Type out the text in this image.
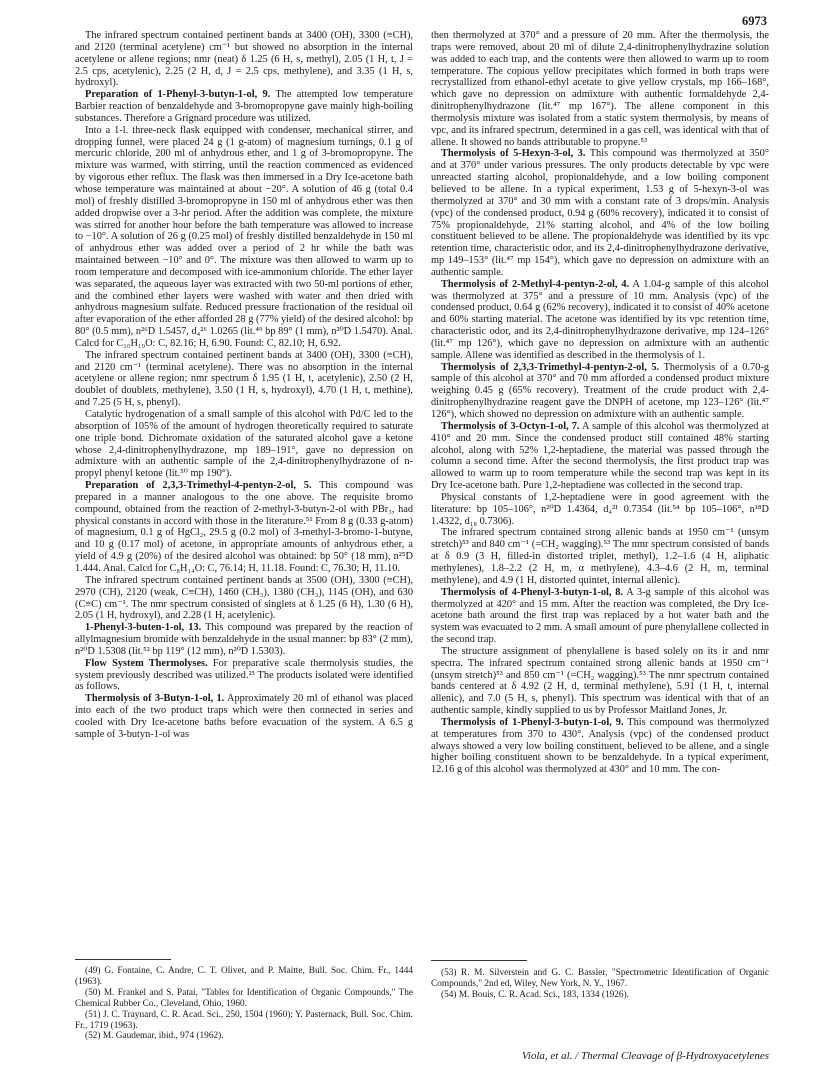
6973

The infrared spectrum contained pertinent bands at 3400 (OH), 3300 (≡CH), and 2120 (terminal acetylene) cm⁻¹ but showed no absorption in the internal acetylene or allene regions; nmr (neat) δ 1.25 (6 H, s, methyl), 2.05 (1 H, t, J = 2.5 cps, acetylenic), 2.25 (2 H, d, J = 2.5 cps, methylene), and 3.35 (1 H, s, hydroxyl).

Preparation of 1-Phenyl-3-butyn-1-ol, 9. The attempted low temperature Barbier reaction of benzaldehyde and 3-bromopropyne gave mainly high-boiling substances. Therefore a Grignard procedure was utilized.

Into a 1-l. three-neck flask equipped with condenser, mechanical stirrer, and dropping funnel, were placed 24 g (1 g-atom) of magnesium turnings, 0.1 g of mercuric chloride, 200 ml of anhydrous ether, and 1 g of 3-bromopropyne. The mixture was warmed, with stirring, until the reaction commenced as evidenced by vigorous ether reflux. The flask was then immersed in a Dry Ice-acetone bath whose temperature was maintained at about −20°. A solution of 46 g (total 0.4 mol) of freshly distilled 3-bromopropyne in 150 ml of anhydrous ether was then added dropwise over a 3-hr period. After the addition was complete, the mixture was stirred for another hour before the bath temperature was allowed to increase to −10°. A solution of 26 g (0.25 mol) of freshly distilled benzaldehyde in 150 ml of anhydrous ether was added over a period of 2 hr while the bath was maintained between −10° and 0°. The mixture was then allowed to warm up to room temperature and decomposed with ice-ammonium chloride. The ether layer was separated, the aqueous layer was extracted with two 50-ml portions of ether, and the combined ether layers were washed with water and then dried with anhydrous magnesium sulfate. Reduced pressure fractionation of the residual oil after evaporation of the ether afforded 28 g (77% yield) of the desired alcohol: bp 80° (0.5 mm), n²⁶D 1.5457, d₄²⁶ 1.0265 (lit.⁴⁹ bp 89° (1 mm), n²⁰D 1.5470). Anal. Calcd for C₁₀H₁₀O: C, 82.16; H, 6.90. Found: C, 82.10; H, 6.92.

The infrared spectrum contained pertinent bands at 3400 (OH), 3300 (≡CH), and 2120 cm⁻¹ (terminal acetylene). There was no absorption in the internal acetylene or allene region; nmr spectrum δ 1.95 (1 H, t, acetylenic), 2.50 (2 H, doublet of doublets, methylene), 3.50 (1 H, s, hydroxyl), 4.70 (1 H, t, methine), and 7.25 (5 H, s, phenyl).

Catalytic hydrogenation of a small sample of this alcohol with Pd/C led to the absorption of 105% of the amount of hydrogen theoretically required to saturate one triple bond. Dichromate oxidation of the saturated alcohol gave a ketone whose 2,4-dinitrophenylhydrazone, mp 189–191°, gave no depression on admixture with an authentic sample of the 2,4-dinitrophenylhydrazone of n-propyl phenyl ketone (lit.⁵⁰ mp 190°).

Preparation of 2,3,3-Trimethyl-4-pentyn-2-ol, 5. This compound was prepared in a manner analogous to the one above. The requisite bromo compound, obtained from the reaction of 2-methyl-3-butyn-2-ol with PBr₃, had physical constants in accord with those in the literature.⁵¹ From 8 g (0.33 g-atom) of magnesium, 0.1 g of HgCl₂, 29.5 g (0.2 mol) of 3-methyl-3-bromo-1-butyne, and 10 g (0.17 mol) of acetone, in appropriate amounts of anhydrous ether, a yield of 4.9 g (20%) of the desired alcohol was obtained: bp 50° (18 mm), n²⁵D 1.444. Anal. Calcd for C₈H₁₄O: C, 76.14; H, 11.18. Found: C, 76.30; H, 11.10.

The infrared spectrum contained pertinent bands at 3500 (OH), 3300 (≡CH), 2970 (CH), 2120 (weak, C≡CH), 1460 (CH₃), 1380 (CH₃), 1145 (OH), and 630 (C≡C) cm⁻¹. The nmr spectrum consisted of singlets at δ 1.25 (6 H), 1.30 (6 H), 2.05 (1 H, hydroxyl), and 2.28 (1 H, acetylenic).

1-Phenyl-3-buten-1-ol, 13. This compound was prepared by the reaction of allylmagnesium bromide with benzaldehyde in the usual manner: bp 83° (2 mm), n²⁰D 1.5308 (lit.⁵² bp 119° (12 mm), n²⁰D 1.5303).

Flow System Thermolyses. For preparative scale thermolysis studies, the system previously described was utilized.²³ The products isolated were identified as follows.

Thermolysis of 3-Butyn-1-ol, 1. Approximately 20 ml of ethanol was placed into each of the two product traps which were then connected in series and cooled with Dry Ice-acetone baths before evacuation of the system. A 6.5 g sample of 3-butyn-1-ol was

then thermolyzed at 370° and a pressure of 20 mm. After the thermolysis, the traps were removed, about 20 ml of dilute 2,4-dinitrophenylhydrazine solution was added to each trap, and the contents were then allowed to warm up to room temperature. The copious yellow precipitates which formed in both traps were recrystallized from ethanol-ethyl acetate to give yellow crystals, mp 166–168°, which gave no depression on admixture with authentic formaldehyde 2,4-dinitrophenylhydrazone (lit.⁴⁷ mp 167°). The allene component in this thermolysis mixture was isolated from a static system thermolysis, by means of vpc, and its infrared spectrum, determined in a gas cell, was identical with that of allene. It showed no bands attributable to propyne.⁵³

Thermolysis of 5-Hexyn-3-ol, 3. This compound was thermolyzed at 350° and at 370° under various pressures. The only products detectable by vpc were unreacted starting alcohol, propionaldehyde, and a low boiling component believed to be allene. In a typical experiment, 1.53 g of 5-hexyn-3-ol was thermolyzed at 370° and 30 mm with a constant rate of 3 drops/min. Analysis (vpc) of the condensed product, 0.94 g (60% recovery), indicated it to consist of 75% propionaldehyde, 21% starting alcohol, and 4% of the low boiling constituent believed to be allene. The propionaldehyde was identified by its vpc retention time, characteristic odor, and its 2,4-dinitrophenylhydrazone derivative, mp 149–153° (lit.⁴⁷ mp 154°), which gave no depression on admixture with an authentic sample.

Thermolysis of 2-Methyl-4-pentyn-2-ol, 4. A 1.04-g sample of this alcohol was thermolyzed at 375° and a pressure of 10 mm. Analysis (vpc) of the condensed product, 0.64 g (62% recovery), indicated it to consist of 40% acetone and 60% starting material. The acetone was identified by its vpc retention time, characteristic odor, and its 2,4-dinitrophenylhydrazone derivative, mp 124–126° (lit.⁴⁷ mp 126°), which gave no depression on admixture with an authentic sample. Allene was identified as described in the thermolysis of 1.

Thermolysis of 2,3,3-Trimethyl-4-pentyn-2-ol, 5. Thermolysis of a 0.70-g sample of this alcohol at 370° and 70 mm afforded a condensed product mixture weighing 0.45 g (65% recovery). Treatment of the crude product with 2,4-dinitrophenylhydrazine reagent gave the DNPH of acetone, mp 123–126° (lit.⁴⁷ 126°), which showed no depression on admixture with an authentic sample.

Thermolysis of 3-Octyn-1-ol, 7. A sample of this alcohol was thermolyzed at 410° and 20 mm. Since the condensed product still contained 48% starting alcohol, along with 52% 1,2-heptadiene, the material was passed through the column a second time. After the second thermolysis, the first product trap was allowed to warm up to room temperature while the second trap was kept in its Dry Ice-acetone bath. Pure 1,2-heptadiene was collected in the second trap.

Physical constants of 1,2-heptadiene were in good agreement with the literature: bp 105–106°, n²⁰D 1.4364, d₄²¹ 0.7354 (lit.⁵⁴ bp 105–106°, n¹⁸D 1.4322, d₁₈ 0.7306).

The infrared spectrum contained strong allenic bands at 1950 cm⁻¹ (unsym stretch)⁵³ and 840 cm⁻¹ (=CH₂ wagging).⁵³ The nmr spectrum consisted of bands at δ 0.9 (3 H, filled-in distorted triplet, methyl), 1.2–1.6 (4 H, aliphatic methylenes), 1.8–2.2 (2 H, m, α methylene), 4.3–4.6 (2 H, m, terminal methylene), and 4.9 (1 H, distorted quintet, internal allenic).

Thermolysis of 4-Phenyl-3-butyn-1-ol, 8. A 3-g sample of this alcohol was thermolyzed at 420° and 15 mm. After the reaction was completed, the Dry Ice-acetone bath around the first trap was replaced by a hot water bath and the system was evacuated to 2 mm. A small amount of pure phenylallene collected in the second trap.

The structure assignment of phenylallene is based solely on its ir and nmr spectra. The infrared spectrum contained strong allenic bands at 1950 cm⁻¹ (unsym stretch)⁵³ and 850 cm⁻¹ (=CH₂ wagging).⁵³ The nmr spectrum contained bands centered at δ 4.92 (2 H, d, terminal methylene), 5.91 (1 H, t, internal allenic), and 7.0 (5 H, s, phenyl). This spectrum was identical with that of an authentic sample, kindly supplied to us by Professor Maitland Jones, Jr.

Thermolysis of 1-Phenyl-3-butyn-1-ol, 9. This compound was thermolyzed at temperatures from 370 to 430°. Analysis (vpc) of the condensed product always showed a very low boiling constituent, believed to be allene, and a single higher boiling constituent shown to be benzaldehyde. In a typical experiment, 12.16 g of this alcohol was thermolyzed at 430° and 10 mm. The con-

(49) G. Fontaine, C. Andre, C. T. Olivet, and P. Maitte, Bull. Soc. Chim. Fr., 1444 (1963).

(50) M. Frankel and S. Patai, "Tables for Identification of Organic Compounds," The Chemical Rubber Co., Cleveland, Ohio, 1960.

(51) J. C. Traynard, C. R. Acad. Sci., 250, 1504 (1960); Y. Pasternack, Bull. Soc. Chim. Fr., 1719 (1963).

(52) M. Gaudemar, ibid., 974 (1962).

(53) R. M. Silverstein and G. C. Bassler, "Spectrometric Identification of Organic Compounds," 2nd ed, Wiley, New York, N. Y., 1967.

(54) M. Bouis, C. R. Acad. Sci., 183, 1334 (1926).

Viola, et al. / Thermal Cleavage of β-Hydroxyacetylenes
